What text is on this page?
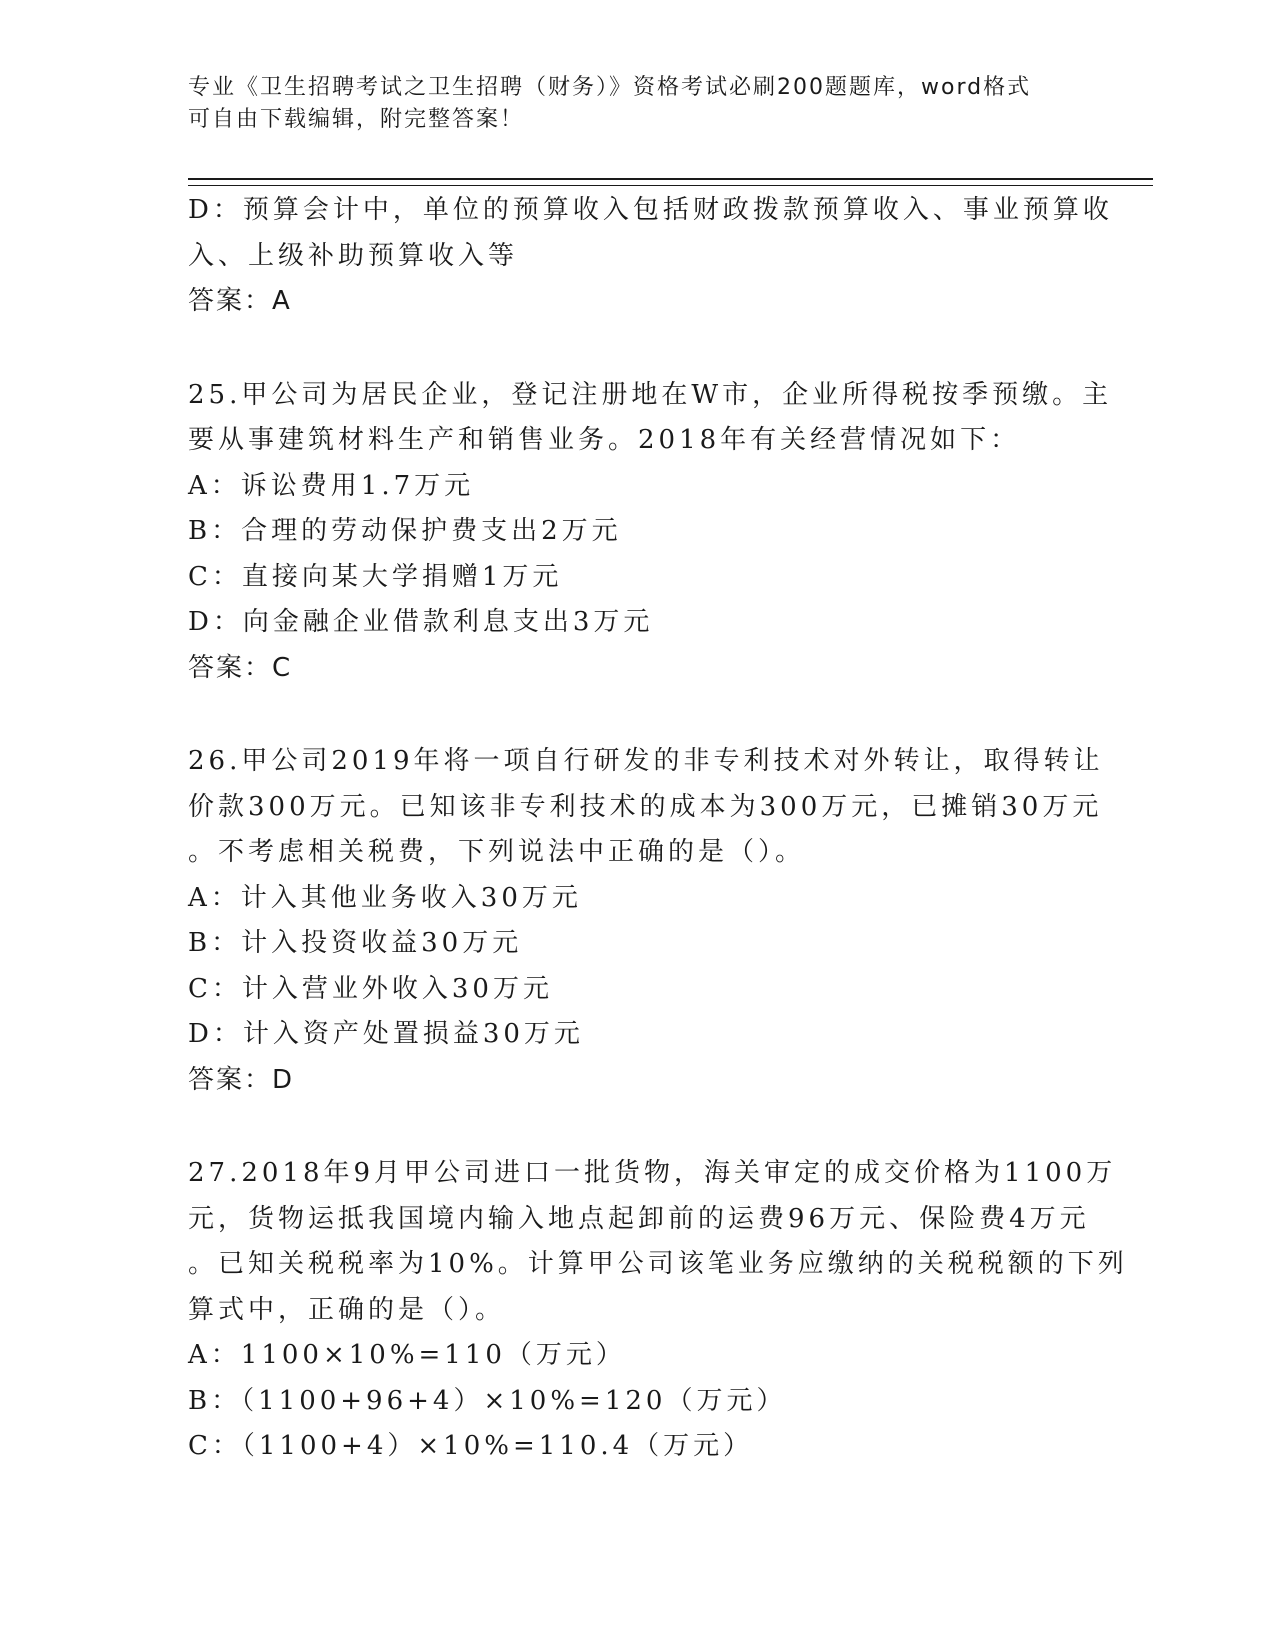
专业《卫生招聘考试之卫生招聘（财务）》资格考试必刷200题题库，word格式
可自由下载编辑，附完整答案！
D：预算会计中，单位的预算收入包括财政拨款预算收入、事业预算收
入、上级补助预算收入等
答案：A
25.甲公司为居民企业，登记注册地在W市，企业所得税按季预缴。主
要从事建筑材料生产和销售业务。2018年有关经营情况如下：
A：诉讼费用1.7万元
B：合理的劳动保护费支出2万元
C：直接向某大学捐赠1万元
D：向金融企业借款利息支出3万元
答案：C
26.甲公司2019年将一项自行研发的非专利技术对外转让，取得转让
价款300万元。已知该非专利技术的成本为300万元，已摊销30万元
。不考虑相关税费，下列说法中正确的是（）。
A：计入其他业务收入30万元
B：计入投资收益30万元
C：计入营业外收入30万元
D：计入资产处置损益30万元
答案：D
27.2018年9月甲公司进口一批货物，海关审定的成交价格为1100万
元，货物运抵我国境内输入地点起卸前的运费96万元、保险费4万元
。已知关税税率为10%。计算甲公司该笔业务应缴纳的关税税额的下列
算式中，正确的是（）。
A：1100×10%=110（万元）
B：（1100+96+4）×10%=120（万元）
C：（1100+4）×10%=110.4（万元）
